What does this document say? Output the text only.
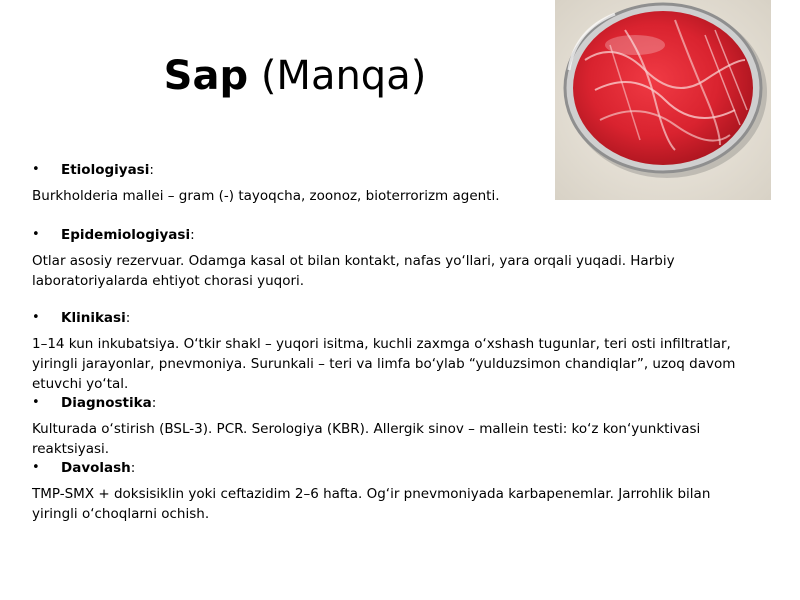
Sap (Manqa)
• Etiologiyasi:
Burkholderia mallei – gram (-) tayoqcha, zoonoz, bioterrorizm agenti.
• Epidemiologiyasi:
Otlar asosiy rezervuar. Odamga kasal ot bilan kontakt, nafas yo‘llari, yara orqali yuqadi. Harbiy laboratoriyalarda ehtiyot chorasi yuqori.
• Klinikasi:
1–14 kun inkubatsiya. O‘tkir shakl – yuqori isitma, kuchli zaxmga o‘xshash tugunlar, teri osti infiltratlar, yiringli jarayonlar, pnevmoniya. Surunkali – teri va limfa bo‘ylab “yulduzsimon chandiqlar”, uzoq davom etuvchi yo‘tal.
• Diagnostika:
Kulturada o‘stirish (BSL-3). PCR. Serologiya (KBR). Allergik sinov – mallein testi: ko‘z kon‘yunktivasi reaktsiyasi.
• Davolash:
TMP-SMX + doksisiklin yoki ceftazidim 2–6 hafta. Og‘ir pnevmoniyada karbapenemlar. Jarrohlik bilan yiringli o‘choqlarni ochish.
